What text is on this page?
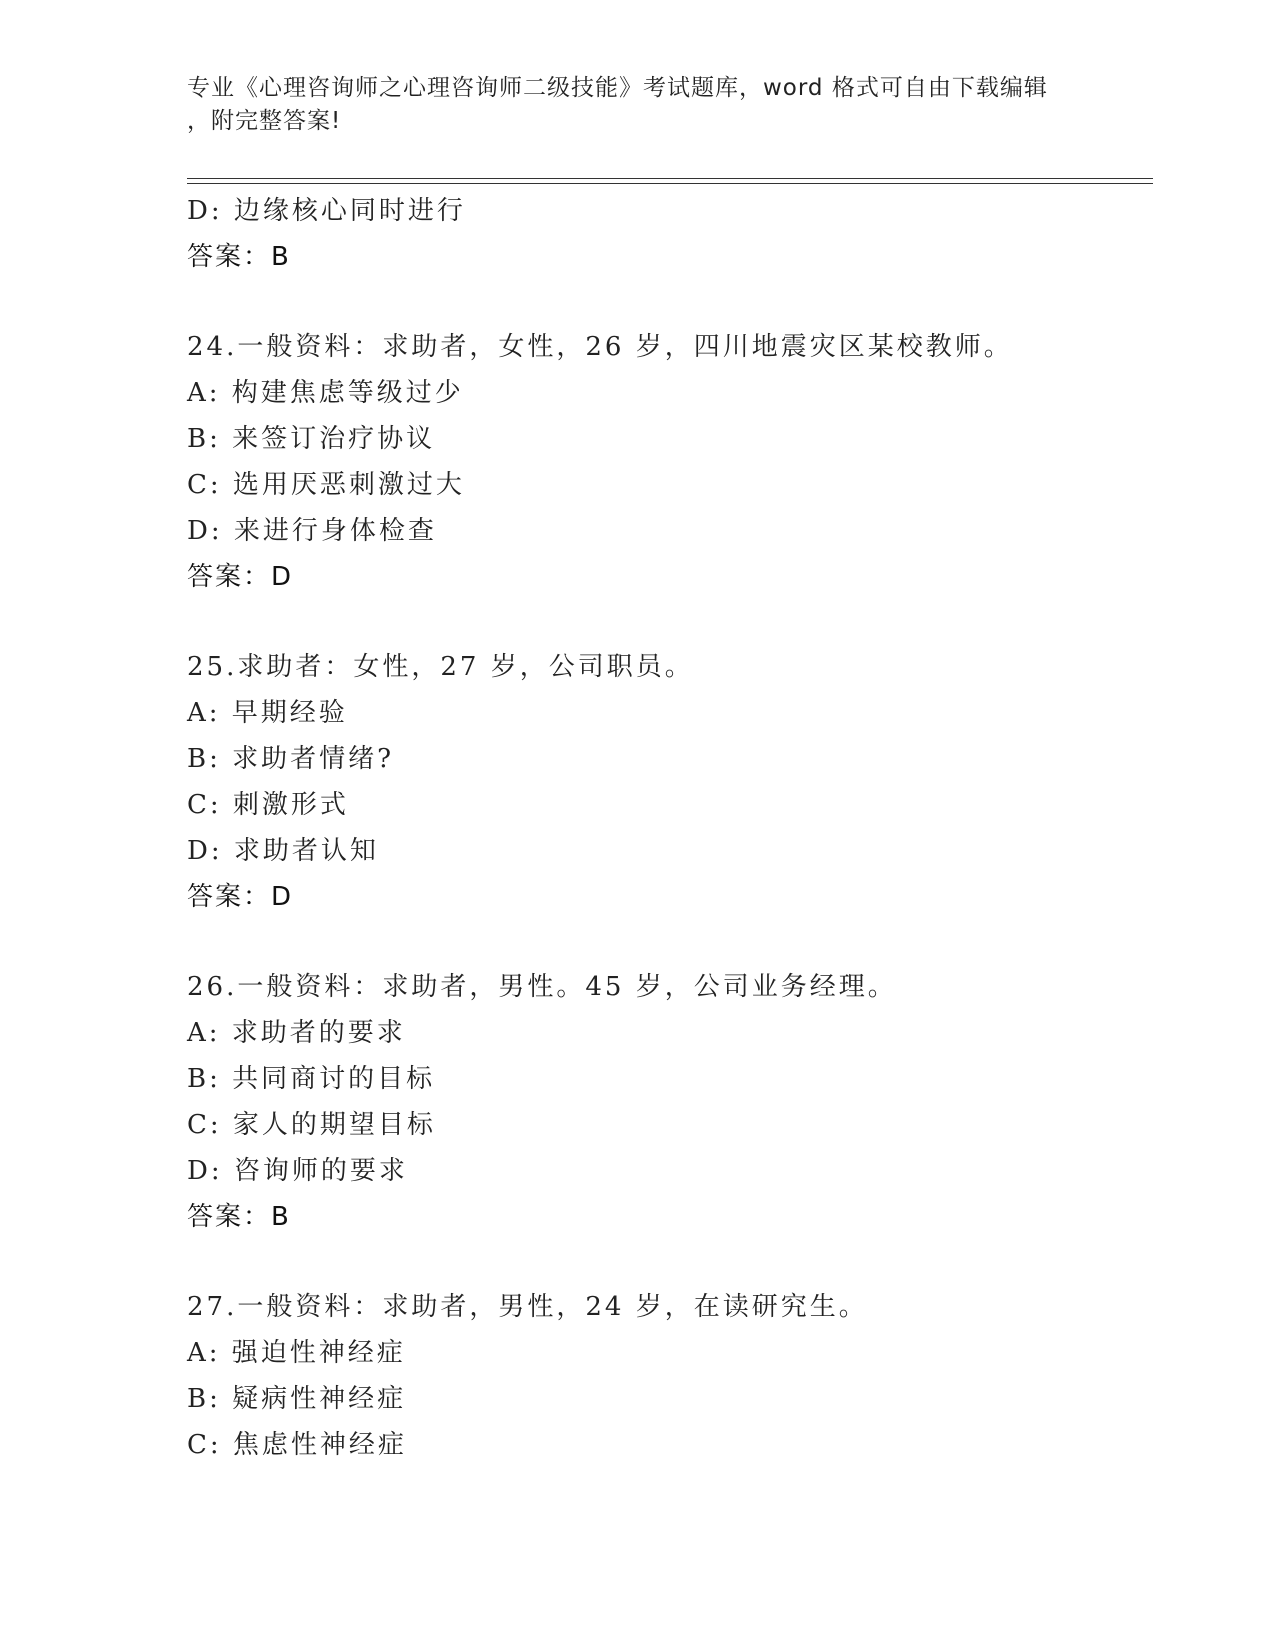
专业《心理咨询师之心理咨询师二级技能》考试题库，word 格式可自由下载编辑
，附完整答案!
D: 边缘核心同时进行
答案：B
24.一般资料：求助者，女性，26 岁，四川地震灾区某校教师。
A: 构建焦虑等级过少
B: 来签订治疗协议
C: 选用厌恶刺激过大
D: 来进行身体检查
答案：D
25.求助者：女性，27 岁，公司职员。
A: 早期经验
B: 求助者情绪?
C: 刺激形式
D: 求助者认知
答案：D
26.一般资料：求助者，男性。45 岁，公司业务经理。
A: 求助者的要求
B: 共同商讨的目标
C: 家人的期望目标
D: 咨询师的要求
答案：B
27.一般资料：求助者，男性，24 岁，在读研究生。
A: 强迫性神经症
B: 疑病性神经症
C: 焦虑性神经症
